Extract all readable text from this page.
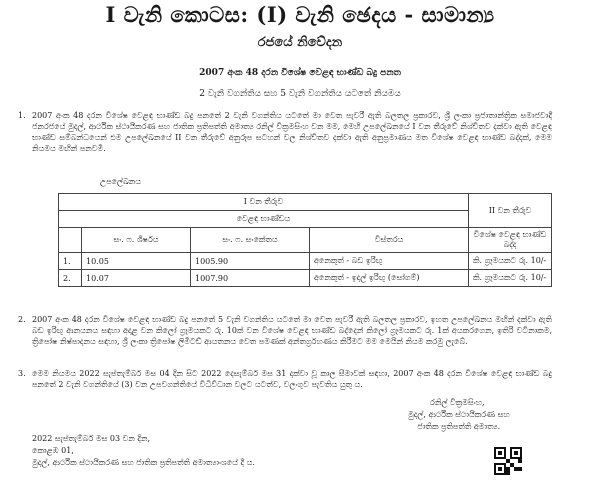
I වැනි කොටස: (I) වැනි ඡෙදය - සාමාන්‍ය
රජයේ නිවේදන
2007 අංක 48 දරන විශේෂ වෙළඳ භාණ්ඩ බදු පනත
2 වැනි වගන්තිය සහ 5 වැනි වගන්තිය යටතේ නියමය
1. 2007 අංක 48 දරන විශේෂ වෙළඳ භාණ්ඩ බදු පනතේ 2 වැනි වගන්තිය යටතේ මා වෙත පැවරී ඇති බලතල ප්‍රකාරව, ශ්‍රී ලංකා ප්‍රජාතාන්ත්‍රික සමාජවාදී ජනරජයේ මුදල්, ආර්ථික ස්ථායීකරණ සහ ජාතික ප්‍රතිපත්ති අමාත්‍ය රනිල් වික්‍රමසිංහ වන මම, මෙහි උපලේඛනයේ I වන තීරුවේ නිශ්චිතව දක්වා ඇති වෙළඳ භාණ්ඩ සම්බන්ධයෙන් එම උපලේඛනයේ II වන තීරුවේ අනුරූප සටහන් වල නිශ්චිතව දක්වා ඇති අනුප්‍රමාණය මත විශේෂ වෙළඳ භාණ්ඩ බද්දක්, මෙම නියමය මඟින් පනවමි.
උපලේඛනය
I වන තීරුව				II වන තීරුව
වෙළඳ භාණ්ඩය				
	සං. ෆ. ශීර්ෂය	සං. ෆ. සංකේතය	විස්තරය	විශේෂ වෙළඳ භාණ්ඩ බද්ද
1.	10.05	1005.90	අනෙකුත් - බඩ ඉරිඟු	කි. ග්‍රෑමයකට රු. 10/-
2.	10.07	1007.90	අනෙකුත් - ඉදල් ඉරිඟු (සෝගම්)	කි. ග්‍රෑමයකට රු. 10/-
2. 2007 අංක 48 දරන විශේෂ වෙළඳ භාණ්ඩ බදු පනතේ 5 වැනි වගන්තිය යටතේ මා වෙත පැවරී ඇති බලතල ප්‍රකාරව, ඉහත උපලේඛනය මඟින් දක්වා ඇති බඩ ඉරිඟු ආනයනය සඳහා අදාළ වන කිලෝ ග්‍රෑමයකට රු. 10ක් වන විශේෂ වෙළඳ භාණ්ඩ බද්දෙන් කිලෝ ග්‍රෑමයකට රු. 1ක් අයකරගෙන, ඉතිරි වටිනාකම, ත්‍රිපෝෂ නිෂ්පාදනය සඳහා, ශ්‍රී ලංකා ත්‍රිපෝෂ ලිමිටඩ් ආයතනය වෙත පමණක් අන්තර්ග්‍රහණය කිරීමට මම මෙයින් නියම කරමු ලැබේ.
3. මෙම නියමය 2022 සැප්තැම්බර් මස 04 දින සිට 2022 දෙසැම්බර් මස 31 දක්වා වූ කාල සීමාවක් සඳහා, 2007 අංක 48 දරන විශේෂ වෙළඳ භාණ්ඩ බදු පනතේ 2 වැනි වගන්තියේ (3) වන උපවගන්තියේ විධිවිධාන වලට යටත්ව, වලංගුව පැවතිය යුතු ය.
රනිල් වික්‍රමසිංහ,
මුදල්, ආර්ථික ස්ථායීකරණ සහ
ජාතික ප්‍රතිපත්ති අමාත්‍ය.
2022 සැප්තැම්බර් මස 03 වන දින,
කොළඹ 01,
මුදල්, ආර්ථික ස්ථායීකරණ සහ ජාතික ප්‍රතිපත්ති අමාත්‍යාංශයේ දී ය.
